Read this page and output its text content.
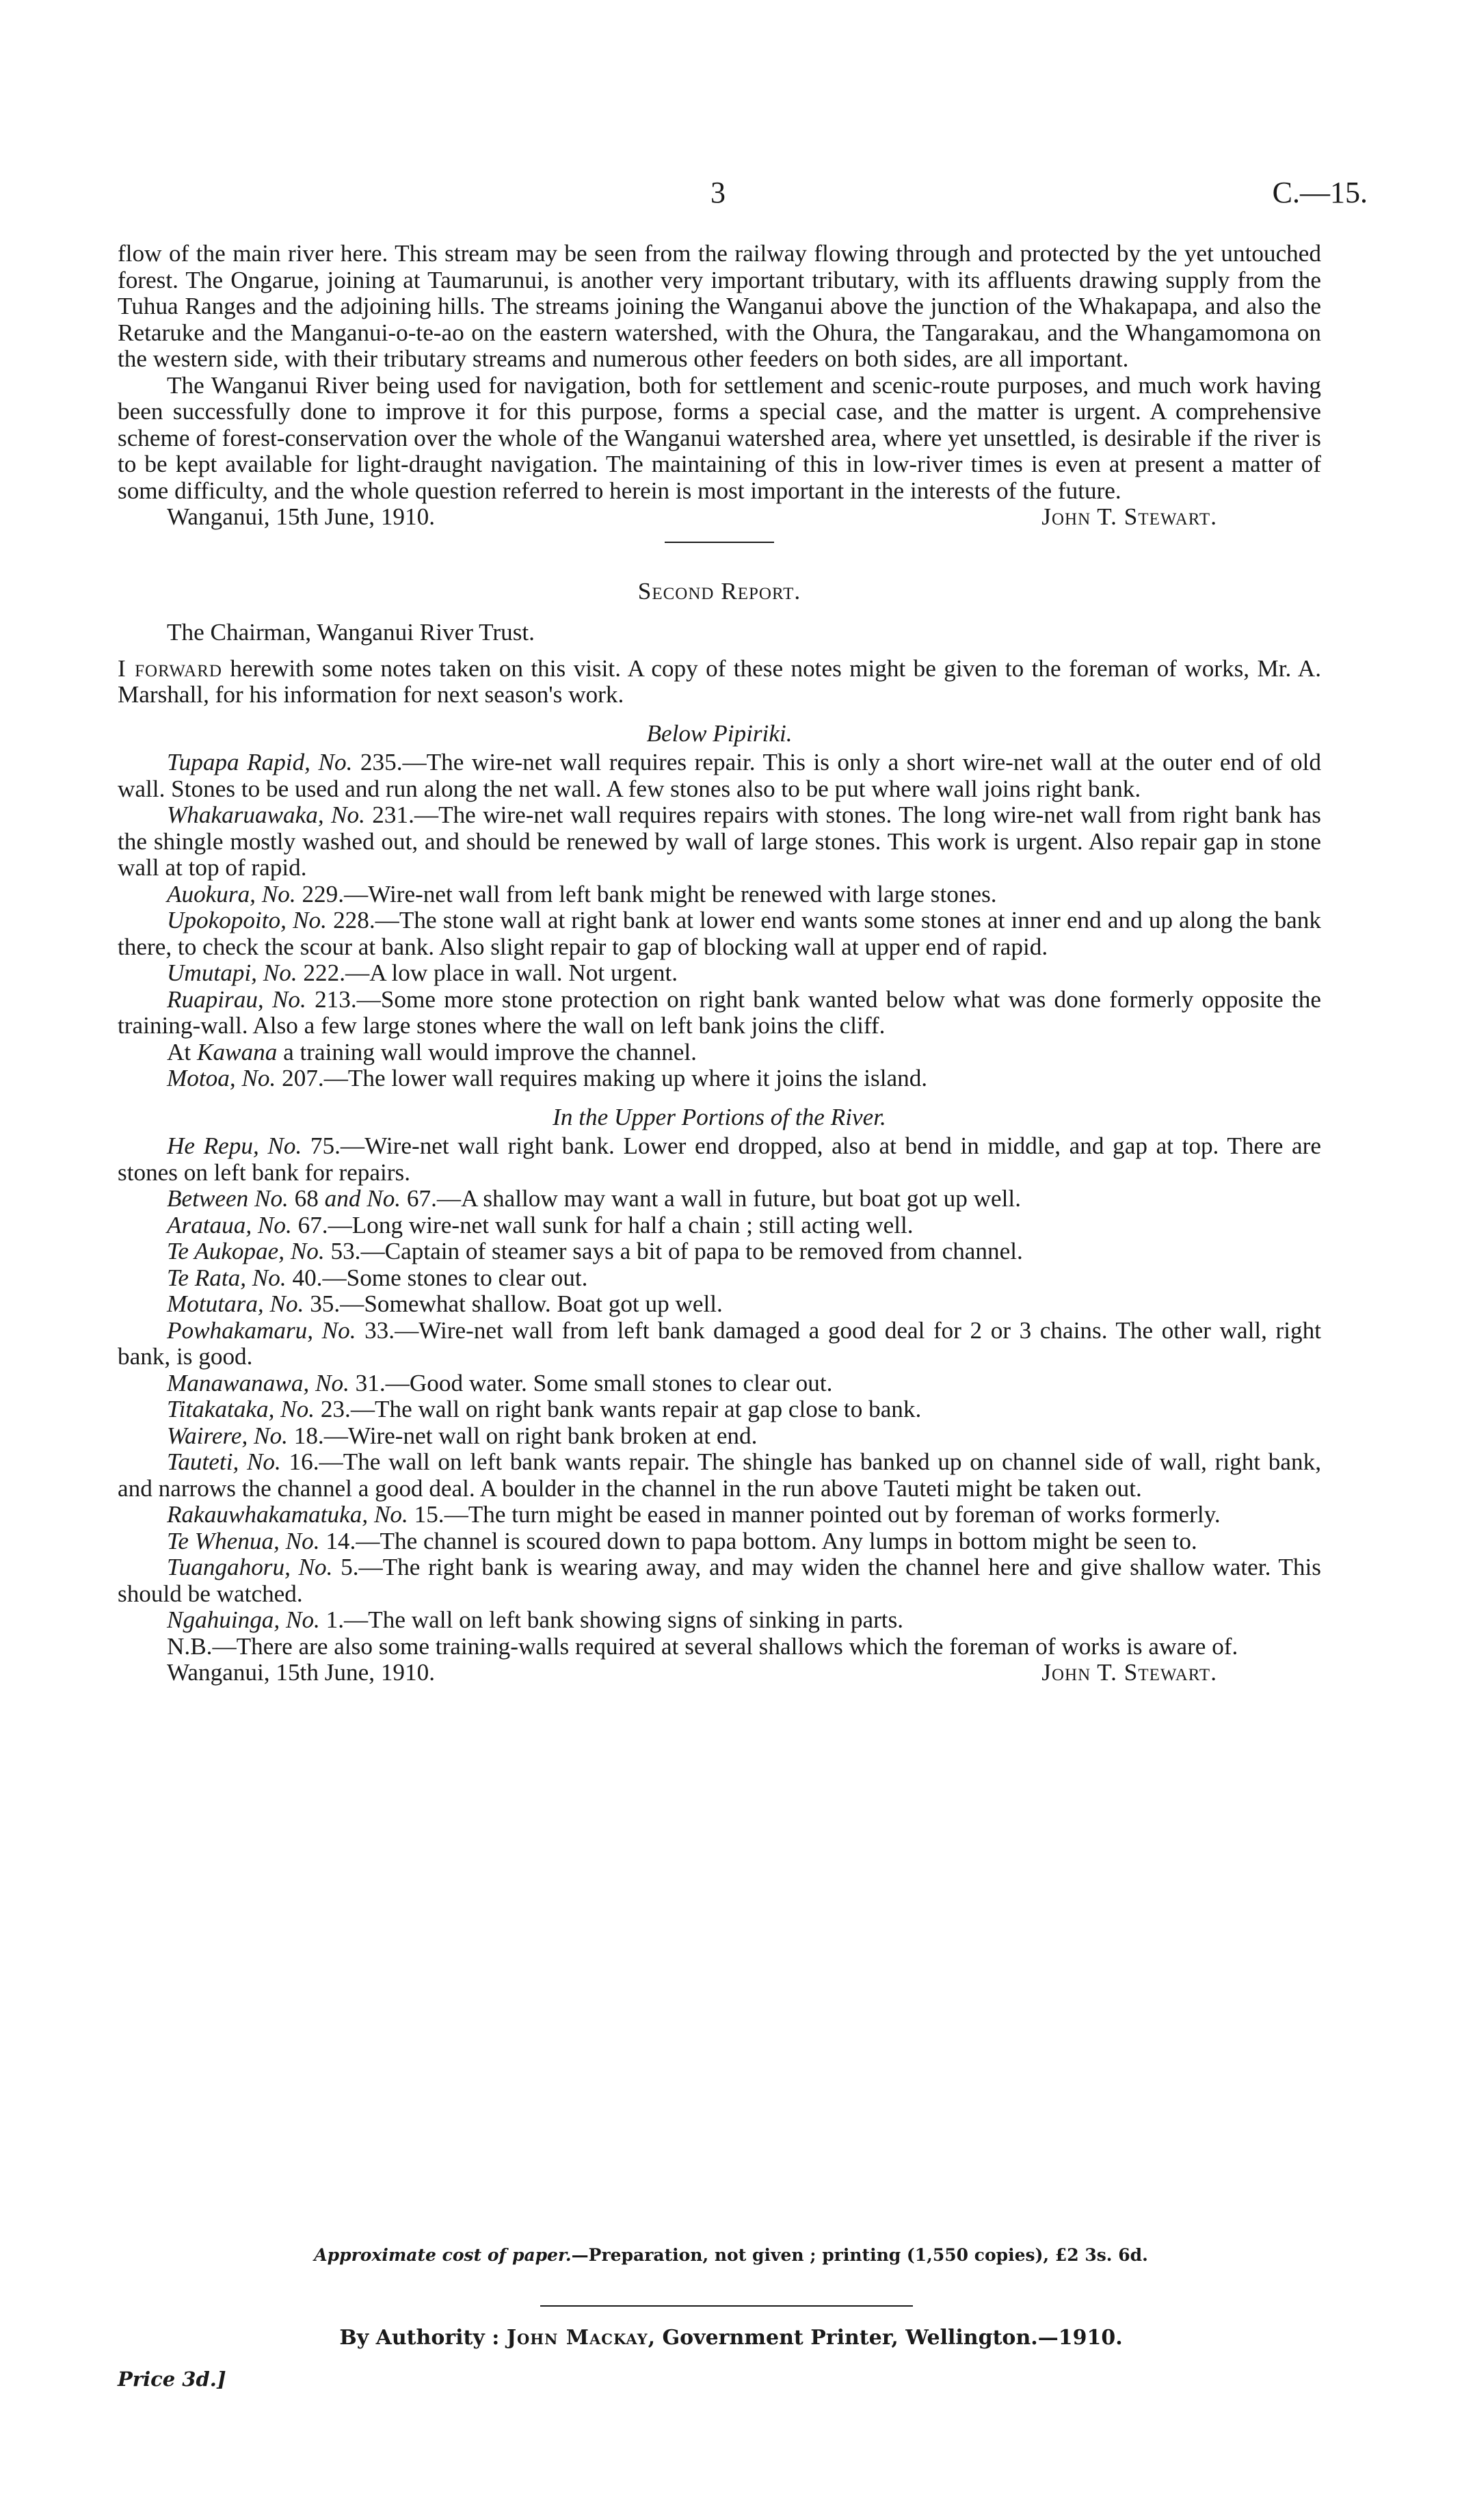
3	C.—15.

flow of the main river here. This stream may be seen from the railway flowing through and protected by the yet untouched forest. The Ongarue, joining at Taumarunui, is another very important tributary, with its affluents drawing supply from the Tuhua Ranges and the adjoining hills. The streams joining the Wanganui above the junction of the Whakapapa, and also the Retaruke and the Manganui-o-te-ao on the eastern watershed, with the Ohura, the Tangarakau, and the Whangamomona on the western side, with their tributary streams and numerous other feeders on both sides, are all important.

The Wanganui River being used for navigation, both for settlement and scenic-route purposes, and much work having been successfully done to improve it for this purpose, forms a special case, and the matter is urgent. A comprehensive scheme of forest-conservation over the whole of the Wanganui watershed area, where yet unsettled, is desirable if the river is to be kept available for light-draught navigation. The maintaining of this in low-river times is even at present a matter of some difficulty, and the whole question referred to herein is most important in the interests of the future.

Wanganui, 15th June, 1910.	John T. Stewart.

Second Report.

The Chairman, Wanganui River Trust.

I forward herewith some notes taken on this visit. A copy of these notes might be given to the foreman of works, Mr. A. Marshall, for his information for next season's work.

Below Pipiriki.

Tupapa Rapid, No. 235.—The wire-net wall requires repair. This is only a short wire-net wall at the outer end of old wall. Stones to be used and run along the net wall. A few stones also to be put where wall joins right bank.

Whakaruawaka, No. 231.—The wire-net wall requires repairs with stones. The long wire-net wall from right bank has the shingle mostly washed out, and should be renewed by wall of large stones. This work is urgent. Also repair gap in stone wall at top of rapid.

Auokura, No. 229.—Wire-net wall from left bank might be renewed with large stones.

Upokopoito, No. 228.—The stone wall at right bank at lower end wants some stones at inner end and up along the bank there, to check the scour at bank. Also slight repair to gap of blocking wall at upper end of rapid.

Umutapi, No. 222.—A low place in wall. Not urgent.

Ruapirau, No. 213.—Some more stone protection on right bank wanted below what was done formerly opposite the training-wall. Also a few large stones where the wall on left bank joins the cliff.

At Kawana a training wall would improve the channel.

Motoa, No. 207.—The lower wall requires making up where it joins the island.

In the Upper Portions of the River.

He Repu, No. 75.—Wire-net wall right bank. Lower end dropped, also at bend in middle, and gap at top. There are stones on left bank for repairs.

Between No. 68 and No. 67.—A shallow may want a wall in future, but boat got up well.

Arataua, No. 67.—Long wire-net wall sunk for half a chain ; still acting well.

Te Aukopae, No. 53.—Captain of steamer says a bit of papa to be removed from channel.

Te Rata, No. 40.—Some stones to clear out.

Motutara, No. 35.—Somewhat shallow. Boat got up well.

Powhakamaru, No. 33.—Wire-net wall from left bank damaged a good deal for 2 or 3 chains. The other wall, right bank, is good.

Manawanawa, No. 31.—Good water. Some small stones to clear out.

Titakataka, No. 23.—The wall on right bank wants repair at gap close to bank.

Wairere, No. 18.—Wire-net wall on right bank broken at end.

Tauteti, No. 16.—The wall on left bank wants repair. The shingle has banked up on channel side of wall, right bank, and narrows the channel a good deal. A boulder in the channel in the run above Tauteti might be taken out.

Rakauwhakamatuka, No. 15.—The turn might be eased in manner pointed out by foreman of works formerly.

Te Whenua, No. 14.—The channel is scoured down to papa bottom. Any lumps in bottom might be seen to.

Tuangahoru, No. 5.—The right bank is wearing away, and may widen the channel here and give shallow water. This should be watched.

Ngahuinga, No. 1.—The wall on left bank showing signs of sinking in parts.

N.B.—There are also some training-walls required at several shallows which the foreman of works is aware of.

Wanganui, 15th June, 1910.	John T. Stewart.
Approximate cost of paper.—Preparation, not given ; printing (1,550 copies), £2 3s. 6d.
By Authority : John Mackay, Government Printer, Wellington.—1910.
Price 3d.]
